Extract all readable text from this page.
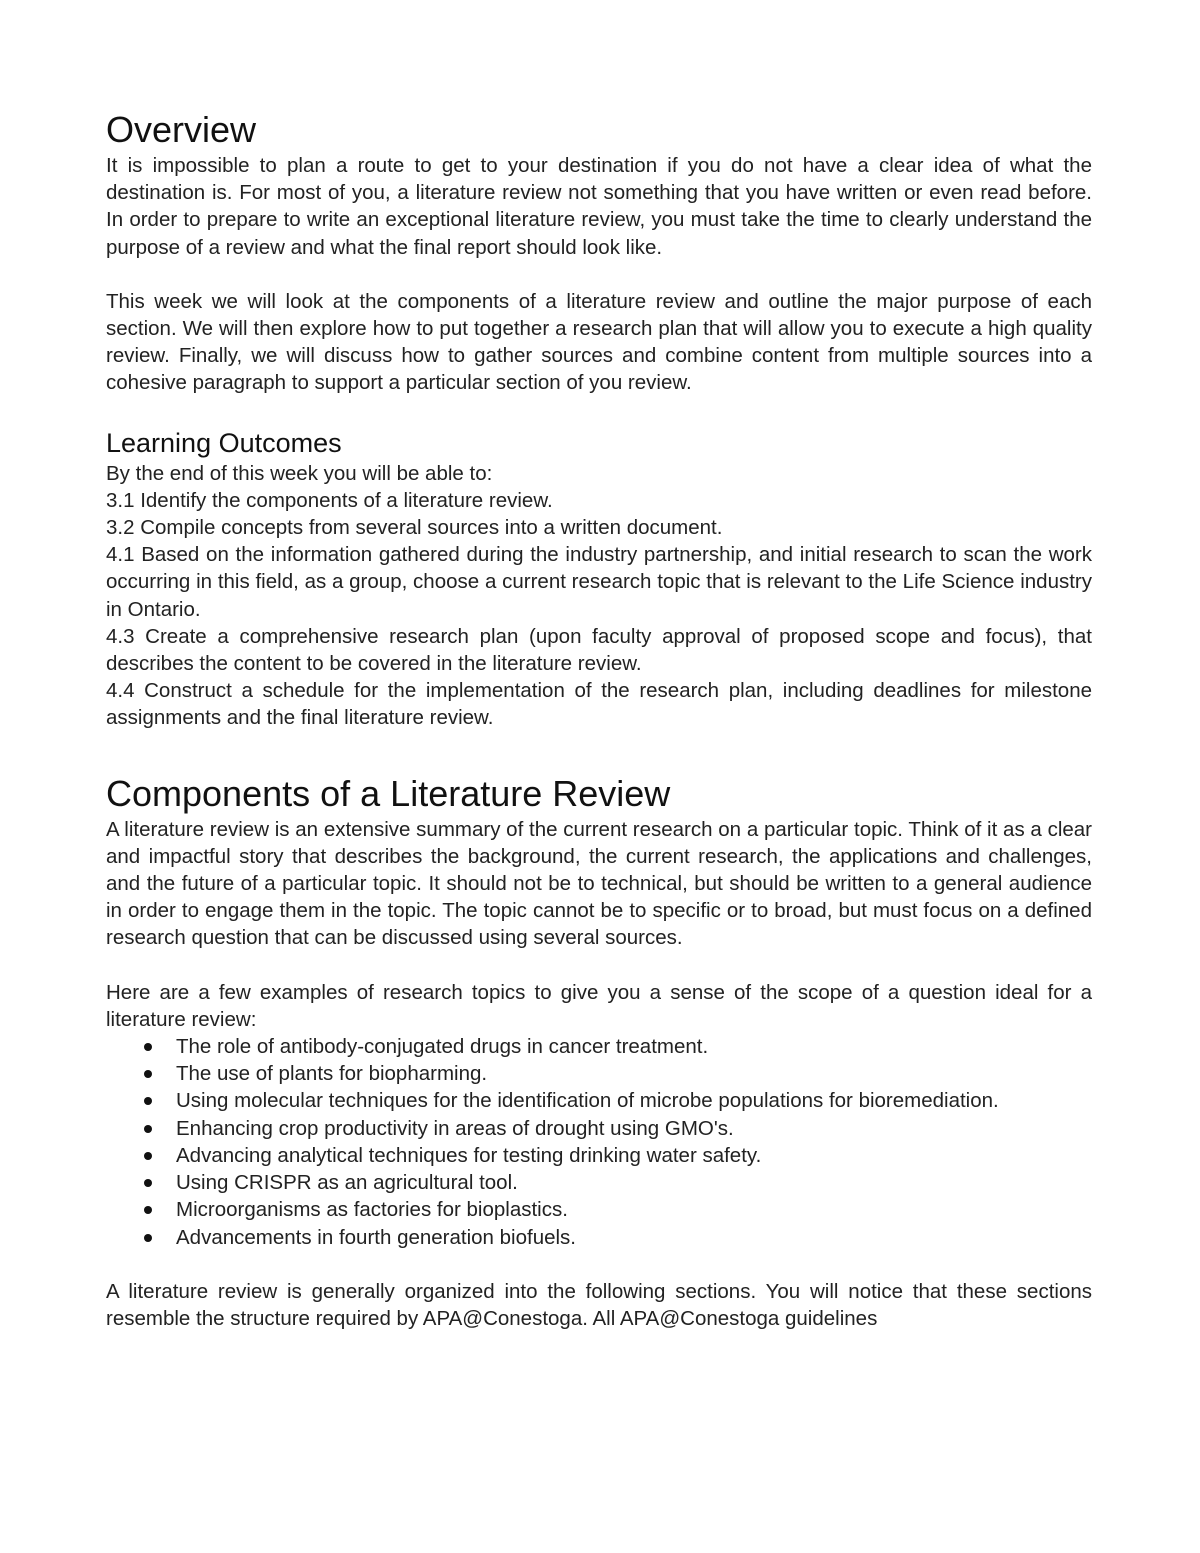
Overview

It is impossible to plan a route to get to your destination if you do not have a clear idea of what the destination is. For most of you, a literature review not something that you have written or even read before. In order to prepare to write an exceptional literature review, you must take the time to clearly understand the purpose of a review and what the final report should look like.

This week we will look at the components of a literature review and outline the major purpose of each section. We will then explore how to put together a research plan that will allow you to execute a high quality review. Finally, we will discuss how to gather sources and combine content from multiple sources into a cohesive paragraph to support a particular section of you review.

Learning Outcomes

By the end of this week you will be able to:

3.1 Identify the components of a literature review.

3.2 Compile concepts from several sources into a written document.

4.1 Based on the information gathered during the industry partnership, and initial research to scan the work occurring in this field, as a group, choose a current research topic that is relevant to the Life Science industry in Ontario.

4.3 Create a comprehensive research plan (upon faculty approval of proposed scope and focus), that describes the content to be covered in the literature review.

4.4 Construct a schedule for the implementation of the research plan, including deadlines for milestone assignments and the final literature review.

Components of a Literature Review

A literature review is an extensive summary of the current research on a particular topic. Think of it as a clear and impactful story that describes the background, the current research, the applications and challenges, and the future of a particular topic. It should not be to technical, but should be written to a general audience in order to engage them in the topic. The topic cannot be to specific or to broad, but must focus on a defined research question that can be discussed using several sources.

Here are a few examples of research topics to give you a sense of the scope of a question ideal for a literature review:

The role of antibody-conjugated drugs in cancer treatment.
The use of plants for biopharming.
Using molecular techniques for the identification of microbe populations for bioremediation.
Enhancing crop productivity in areas of drought using GMO's.
Advancing analytical techniques for testing drinking water safety.
Using CRISPR as an agricultural tool.
Microorganisms as factories for bioplastics.
Advancements in fourth generation biofuels.

A literature review is generally organized into the following sections. You will notice that these sections resemble the structure required by APA@Conestoga. All APA@Conestoga guidelines
